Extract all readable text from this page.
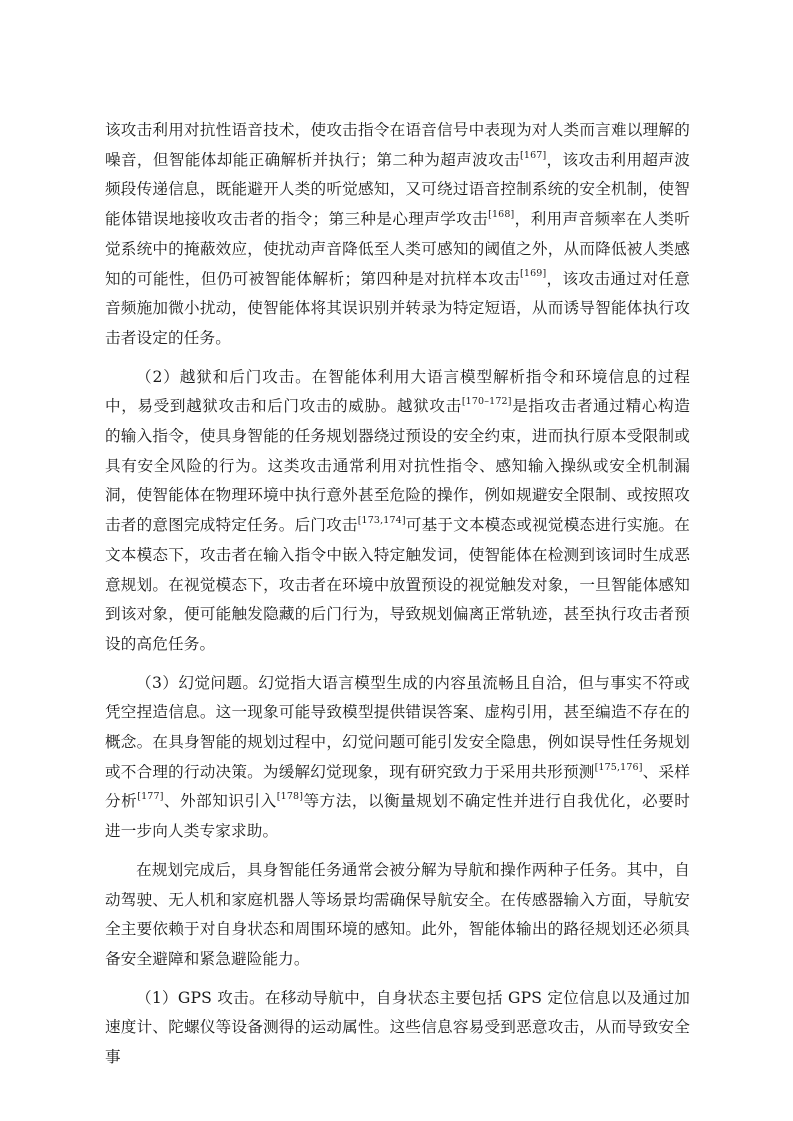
该攻击利用对抗性语音技术，使攻击指令在语音信号中表现为对人类而言难以理解的噪音，但智能体却能正确解析并执行；第二种为超声波攻击[167]，该攻击利用超声波频段传递信息，既能避开人类的听觉感知，又可绕过语音控制系统的安全机制，使智能体错误地接收攻击者的指令；第三种是心理声学攻击[168]，利用声音频率在人类听觉系统中的掩蔽效应，使扰动声音降低至人类可感知的阈值之外，从而降低被人类感知的可能性，但仍可被智能体解析；第四种是对抗样本攻击[169]，该攻击通过对任意音频施加微小扰动，使智能体将其误识别并转录为特定短语，从而诱导智能体执行攻击者设定的任务。

（2）越狱和后门攻击。在智能体利用大语言模型解析指令和环境信息的过程中，易受到越狱攻击和后门攻击的威胁。越狱攻击[170–172]是指攻击者通过精心构造的输入指令，使具身智能的任务规划器绕过预设的安全约束，进而执行原本受限制或具有安全风险的行为。这类攻击通常利用对抗性指令、感知输入操纵或安全机制漏洞，使智能体在物理环境中执行意外甚至危险的操作，例如规避安全限制、或按照攻击者的意图完成特定任务。后门攻击[173,174]可基于文本模态或视觉模态进行实施。在文本模态下，攻击者在输入指令中嵌入特定触发词，使智能体在检测到该词时生成恶意规划。在视觉模态下，攻击者在环境中放置预设的视觉触发对象，一旦智能体感知到该对象，便可能触发隐藏的后门行为，导致规划偏离正常轨迹，甚至执行攻击者预设的高危任务。

（3）幻觉问题。幻觉指大语言模型生成的内容虽流畅且自洽，但与事实不符或凭空捏造信息。这一现象可能导致模型提供错误答案、虚构引用，甚至编造不存在的概念。在具身智能的规划过程中，幻觉问题可能引发安全隐患，例如误导性任务规划或不合理的行动决策。为缓解幻觉现象，现有研究致力于采用共形预测[175,176]、采样分析[177]、外部知识引入[178]等方法，以衡量规划不确定性并进行自我优化，必要时进一步向人类专家求助。

在规划完成后，具身智能任务通常会被分解为导航和操作两种子任务。其中，自动驾驶、无人机和家庭机器人等场景均需确保导航安全。在传感器输入方面，导航安全主要依赖于对自身状态和周围环境的感知。此外，智能体输出的路径规划还必须具备安全避障和紧急避险能力。

（1）GPS 攻击。在移动导航中，自身状态主要包括 GPS 定位信息以及通过加速度计、陀螺仪等设备测得的运动属性。这些信息容易受到恶意攻击，从而导致安全事
